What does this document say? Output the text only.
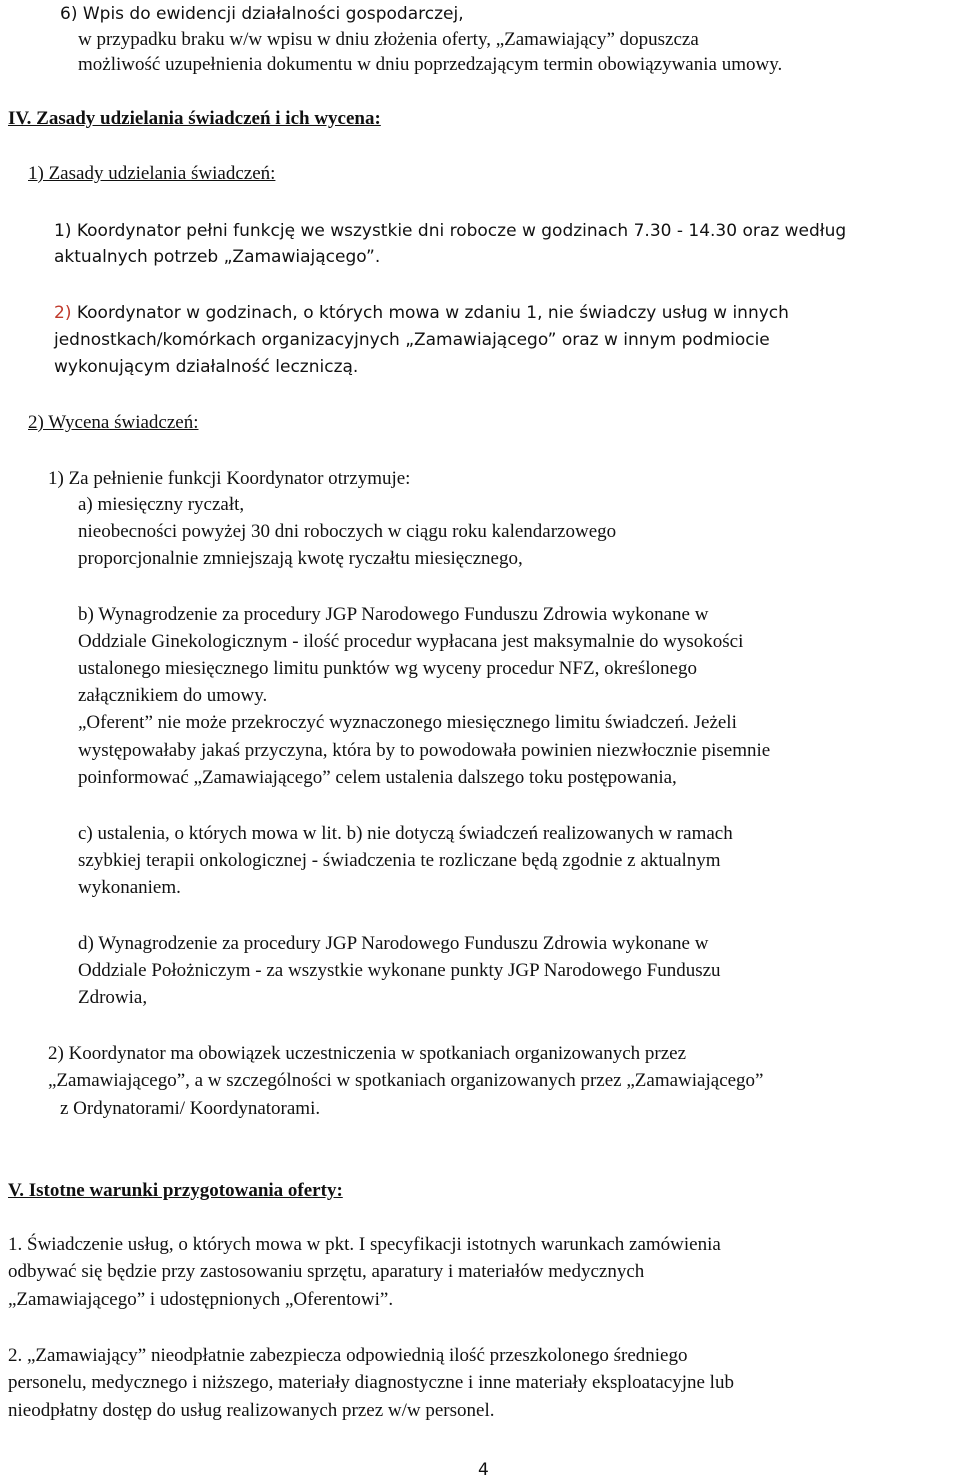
6) Wpis do ewidencji działalności gospodarczej,
w przypadku braku w/w wpisu w dniu złożenia oferty, „Zamawiający” dopuszcza
możliwość uzupełnienia dokumentu w dniu poprzedzającym termin obowiązywania umowy.
IV. Zasady udzielania świadczeń i ich wycena:
1) Zasady udzielania świadczeń:
1) Koordynator pełni funkcję we wszystkie dni robocze w godzinach 7.30 - 14.30 oraz według
aktualnych potrzeb „Zamawiającego”.
2) Koordynator w godzinach, o których mowa w zdaniu 1, nie świadczy usług w innych
jednostkach/komórkach organizacyjnych „Zamawiającego” oraz w innym podmiocie
wykonującym działalność leczniczą.
2) Wycena świadczeń:
1) Za pełnienie funkcji Koordynator otrzymuje:
a) miesięczny ryczałt,
nieobecności powyżej 30 dni roboczych w ciągu roku kalendarzowego
proporcjonalnie zmniejszają kwotę ryczałtu miesięcznego,
b) Wynagrodzenie za procedury JGP Narodowego Funduszu Zdrowia wykonane w
Oddziale Ginekologicznym - ilość procedur wypłacana jest maksymalnie do wysokości
ustalonego miesięcznego limitu punktów wg wyceny procedur NFZ, określonego
załącznikiem do umowy.
„Oferent” nie może przekroczyć wyznaczonego miesięcznego limitu świadczeń. Jeżeli
występowałaby jakaś przyczyna, która by to powodowała powinien niezwłocznie pisemnie
poinformować „Zamawiającego” celem ustalenia dalszego toku postępowania,
c) ustalenia, o których mowa w lit. b) nie dotyczą świadczeń realizowanych w ramach
szybkiej terapii onkologicznej - świadczenia te rozliczane będą zgodnie z aktualnym
wykonaniem.
d) Wynagrodzenie za procedury JGP Narodowego Funduszu Zdrowia wykonane w
Oddziale Położniczym - za wszystkie wykonane punkty JGP Narodowego Funduszu
Zdrowia,
2) Koordynator ma obowiązek uczestniczenia w spotkaniach organizowanych przez
„Zamawiającego”, a w szczególności w spotkaniach organizowanych przez „Zamawiającego”
z Ordynatorami/ Koordynatorami.
V. Istotne warunki przygotowania oferty:
1. Świadczenie usług, o których mowa w pkt. I specyfikacji istotnych warunkach zamówienia
odbywać się będzie przy zastosowaniu sprzętu, aparatury i materiałów medycznych
„Zamawiającego” i udostępnionych „Oferentowi”.
2. „Zamawiający” nieodpłatnie zabezpiecza odpowiednią ilość przeszkolonego średniego
personelu, medycznego i niższego, materiały diagnostyczne i inne materiały eksploatacyjne lub
nieodpłatny dostęp do usług realizowanych przez w/w personel.
4
